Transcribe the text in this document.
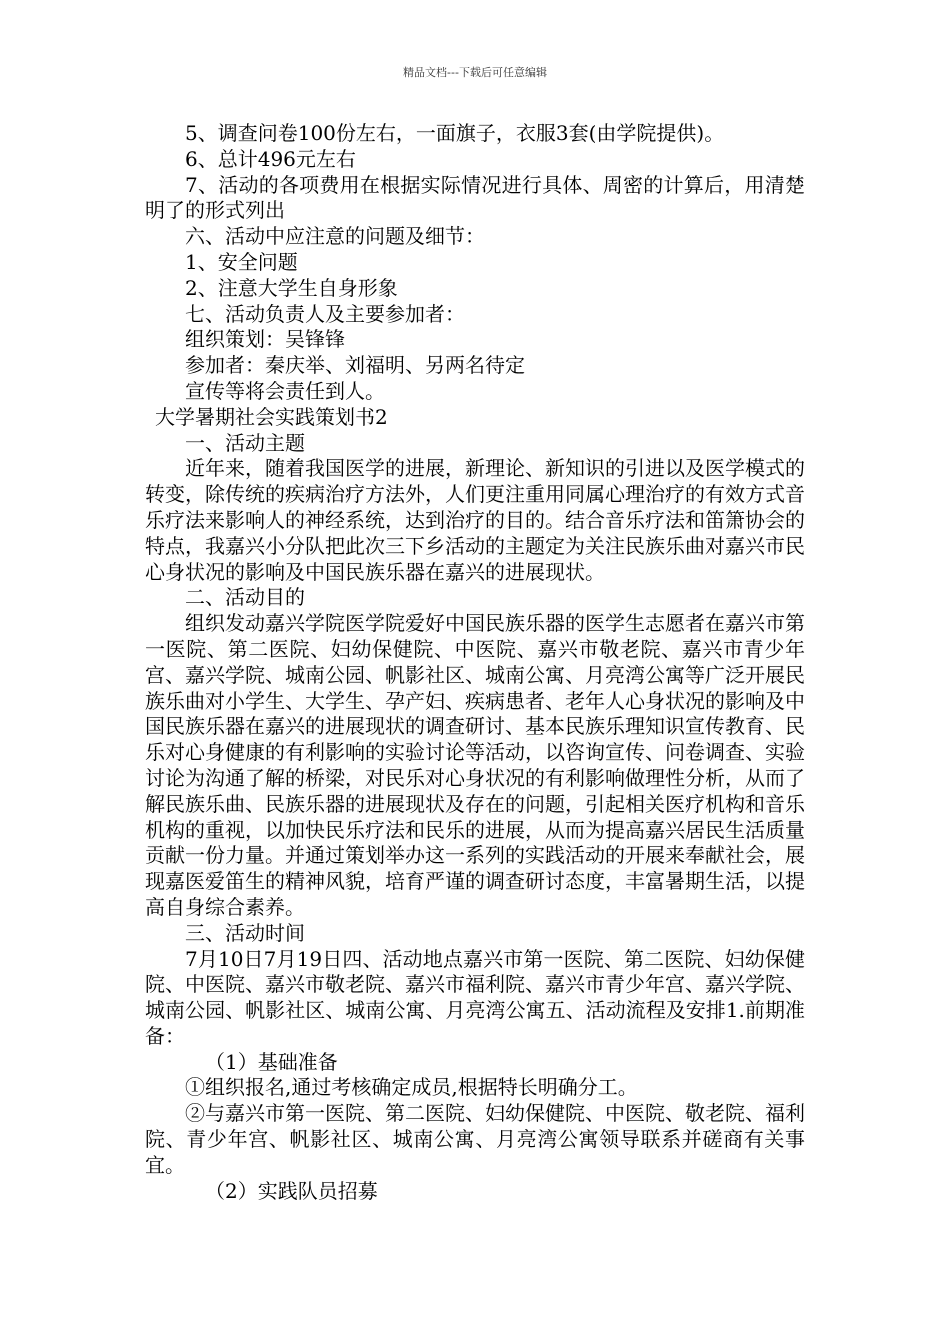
精品文档---下载后可任意编辑

5、调查问卷100份左右，一面旗子，衣服3套(由学院提供)。

6、总计496元左右

7、活动的各项费用在根据实际情况进行具体、周密的计算后，用清楚明了的形式列出

六、活动中应注意的问题及细节：

1、安全问题

2、注意大学生自身形象

七、活动负责人及主要参加者：

组织策划：吴锋锋

参加者：秦庆举、刘福明、另两名待定

宣传等将会责任到人。

大学暑期社会实践策划书2

一、活动主题

近年来，随着我国医学的进展，新理论、新知识的引进以及医学模式的转变，除传统的疾病治疗方法外，人们更注重用同属心理治疗的有效方式音乐疗法来影响人的神经系统，达到治疗的目的。结合音乐疗法和笛箫协会的特点，我嘉兴小分队把此次三下乡活动的主题定为关注民族乐曲对嘉兴市民心身状况的影响及中国民族乐器在嘉兴的进展现状。

二、活动目的

组织发动嘉兴学院医学院爱好中国民族乐器的医学生志愿者在嘉兴市第一医院、第二医院、妇幼保健院、中医院、嘉兴市敬老院、嘉兴市青少年宫、嘉兴学院、城南公园、帆影社区、城南公寓、月亮湾公寓等广泛开展民族乐曲对小学生、大学生、孕产妇、疾病患者、老年人心身状况的影响及中国民族乐器在嘉兴的进展现状的调查研讨、基本民族乐理知识宣传教育、民乐对心身健康的有利影响的实验讨论等活动，以咨询宣传、问卷调查、实验讨论为沟通了解的桥梁，对民乐对心身状况的有利影响做理性分析，从而了解民族乐曲、民族乐器的进展现状及存在的问题，引起相关医疗机构和音乐机构的重视，以加快民乐疗法和民乐的进展，从而为提高嘉兴居民生活质量贡献一份力量。并通过策划举办这一系列的实践活动的开展来奉献社会，展现嘉医爱笛生的精神风貌，培育严谨的调查研讨态度，丰富暑期生活，以提高自身综合素养。

三、活动时间

7月10日7月19日四、活动地点嘉兴市第一医院、第二医院、妇幼保健院、中医院、嘉兴市敬老院、嘉兴市福利院、嘉兴市青少年宫、嘉兴学院、城南公园、帆影社区、城南公寓、月亮湾公寓五、活动流程及安排1.前期准备：

（1）基础准备

①组织报名,通过考核确定成员,根据特长明确分工。

②与嘉兴市第一医院、第二医院、妇幼保健院、中医院、敬老院、福利院、青少年宫、帆影社区、城南公寓、月亮湾公寓领导联系并磋商有关事宜。

（2）实践队员招募
